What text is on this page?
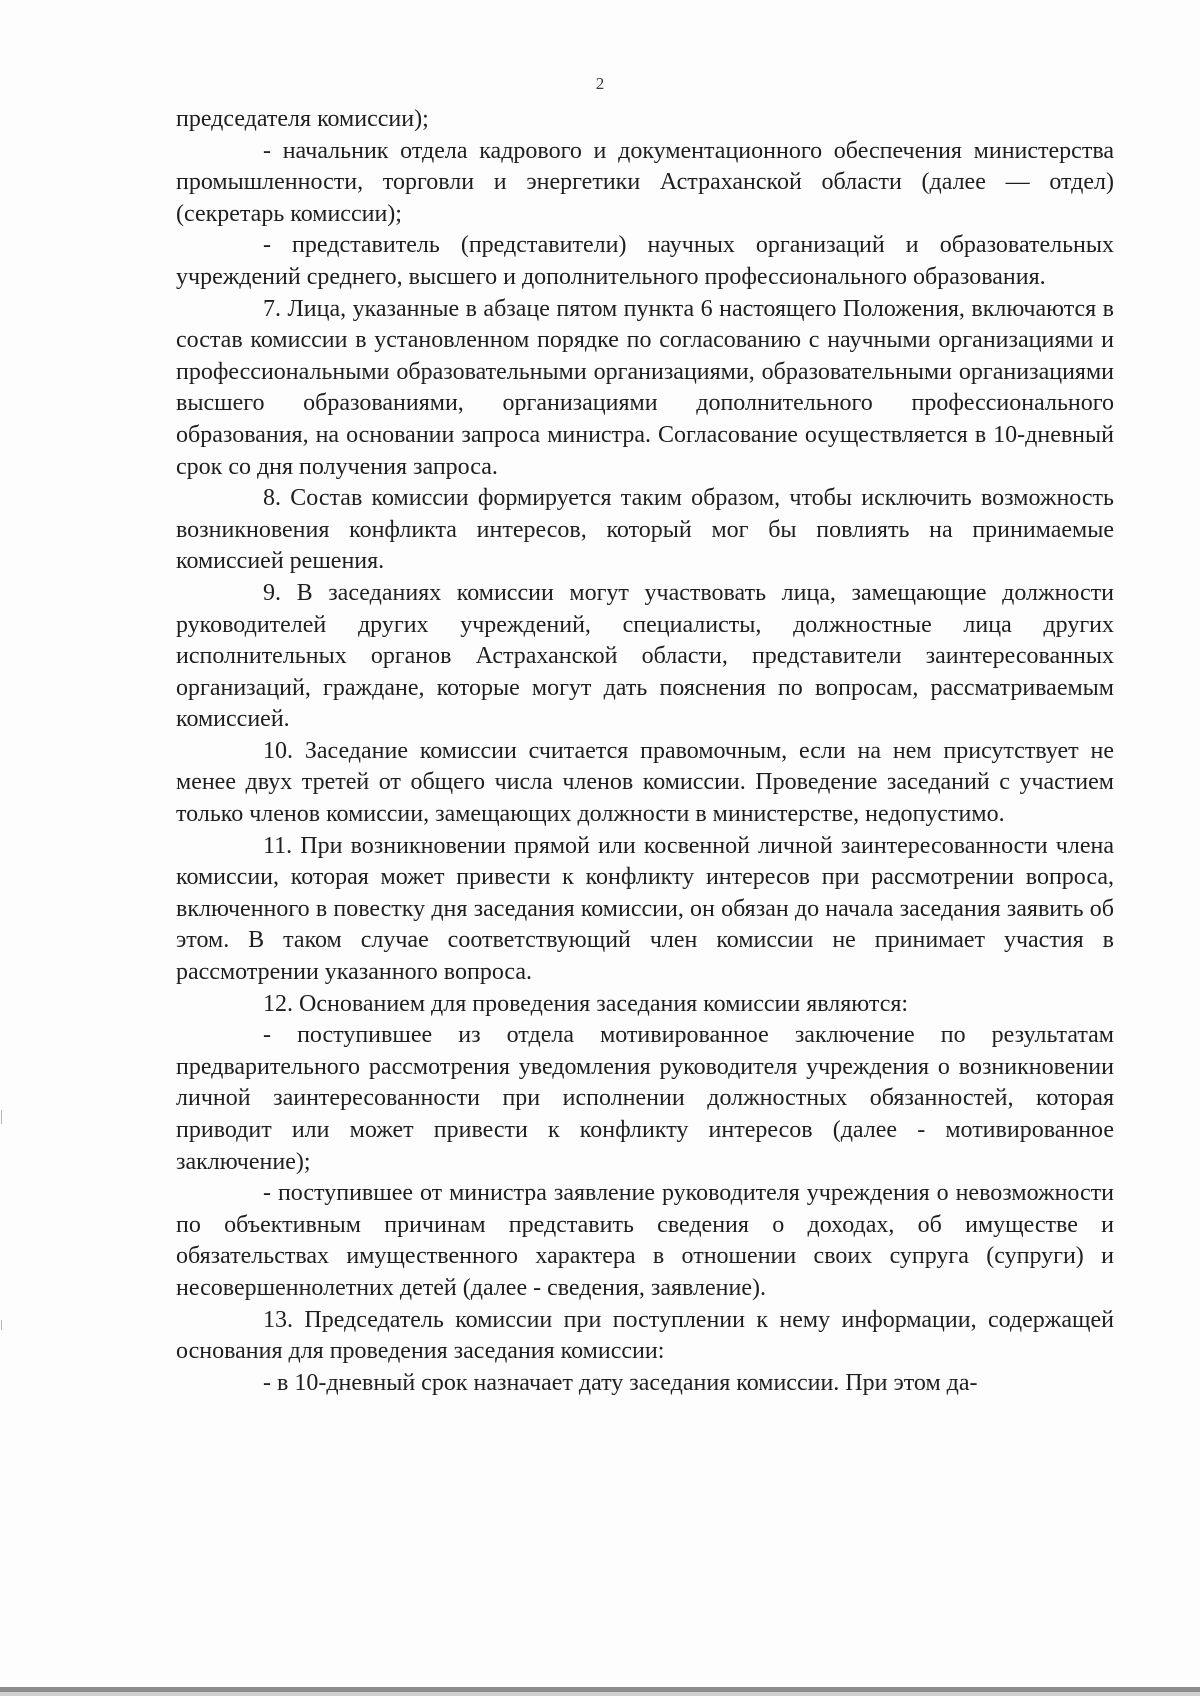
2

председателя комиссии);

- начальник отдела кадрового и документационного обеспечения министерства промышленности, торговли и энергетики Астраханской области (далее — отдел) (секретарь комиссии);

- представитель (представители) научных организаций и образовательных учреждений среднего, высшего и дополнительного профессионального образования.

7. Лица, указанные в абзаце пятом пункта 6 настоящего Положения, включаются в состав комиссии в установленном порядке по согласованию с научными организациями и профессиональными образовательными организациями, образовательными организациями высшего образованиями, организациями дополнительного профессионального образования, на основании запроса министра. Согласование осуществляется в 10-дневный срок со дня получения запроса.

8. Состав комиссии формируется таким образом, чтобы исключить возможность возникновения конфликта интересов, который мог бы повлиять на принимаемые комиссией решения.

9. В заседаниях комиссии могут участвовать лица, замещающие должности руководителей других учреждений, специалисты, должностные лица других исполнительных органов Астраханской области, представители заинтересованных организаций, граждане, которые могут дать пояснения по вопросам, рассматриваемым комиссией.

10. Заседание комиссии считается правомочным, если на нем присутствует не менее двух третей от общего числа членов комиссии. Проведение заседаний с участием только членов комиссии, замещающих должности в министерстве, недопустимо.

11. При возникновении прямой или косвенной личной заинтересованности члена комиссии, которая может привести к конфликту интересов при рассмотрении вопроса, включенного в повестку дня заседания комиссии, он обязан до начала заседания заявить об этом. В таком случае соответствующий член комиссии не принимает участия в рассмотрении указанного вопроса.

12. Основанием для проведения заседания комиссии являются:

- поступившее из отдела мотивированное заключение по результатам предварительного рассмотрения уведомления руководителя учреждения о возникновении личной заинтересованности при исполнении должностных обязанностей, которая приводит или может привести к конфликту интересов (далее - мотивированное заключение);

- поступившее от министра заявление руководителя учреждения о невозможности по объективным причинам представить сведения о доходах, об имуществе и обязательствах имущественного характера в отношении своих супруга (супруги) и несовершеннолетних детей (далее - сведения, заявление).

13. Председатель комиссии при поступлении к нему информации, содержащей основания для проведения заседания комиссии:

- в 10-дневный срок назначает дату заседания комиссии. При этом да-
